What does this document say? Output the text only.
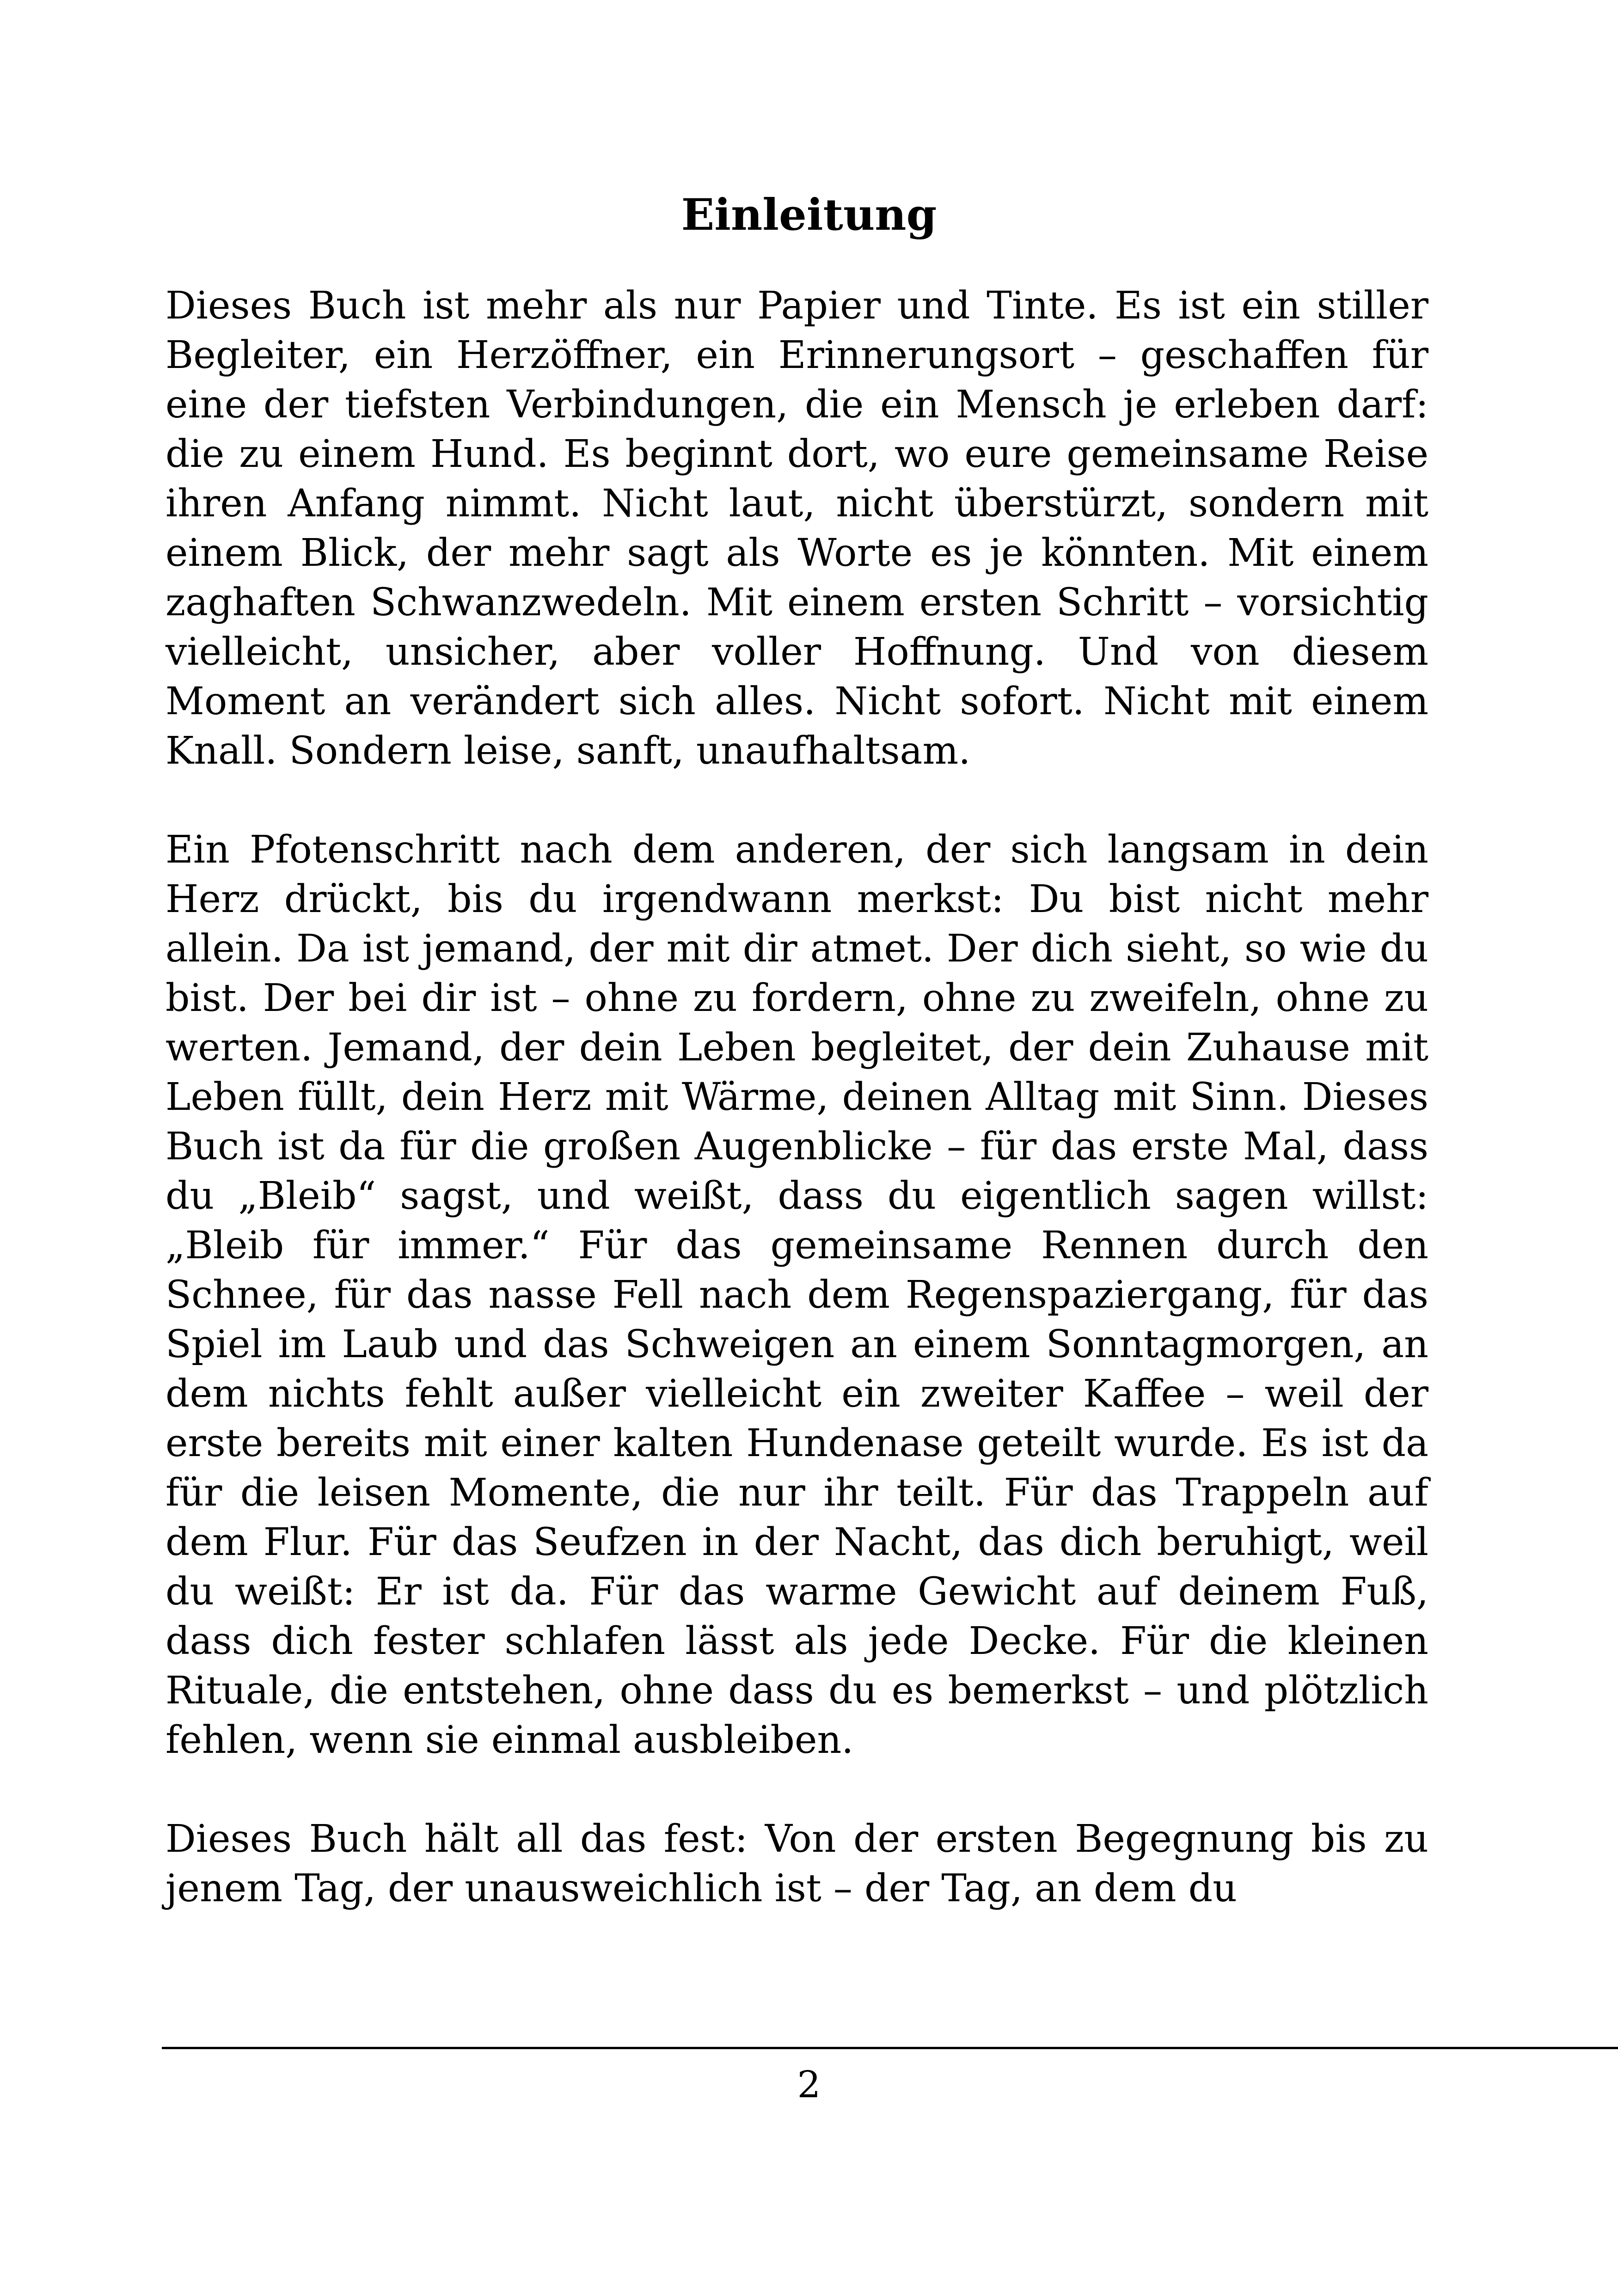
Einleitung

Dieses Buch ist mehr als nur Papier und Tinte. Es ist ein stiller Begleiter, ein Herzöffner, ein Erinnerungsort – geschaffen für eine der tiefsten Verbindungen, die ein Mensch je erleben darf: die zu einem Hund. Es beginnt dort, wo eure gemeinsame Reise ihren Anfang nimmt. Nicht laut, nicht überstürzt, sondern mit einem Blick, der mehr sagt als Worte es je könnten. Mit einem zaghaften Schwanzwedeln. Mit einem ersten Schritt – vorsichtig vielleicht, unsicher, aber voller Hoffnung. Und von diesem Moment an verändert sich alles. Nicht sofort. Nicht mit einem Knall. Sondern leise, sanft, unaufhaltsam.

Ein Pfotenschritt nach dem anderen, der sich langsam in dein Herz drückt, bis du irgendwann merkst: Du bist nicht mehr allein. Da ist jemand, der mit dir atmet. Der dich sieht, so wie du bist. Der bei dir ist – ohne zu fordern, ohne zu zweifeln, ohne zu werten. Jemand, der dein Leben begleitet, der dein Zuhause mit Leben füllt, dein Herz mit Wärme, deinen Alltag mit Sinn. Dieses Buch ist da für die großen Augenblicke – für das erste Mal, dass du „Bleib“ sagst, und weißt, dass du eigentlich sagen willst: „Bleib für immer.“ Für das gemeinsame Rennen durch den Schnee, für das nasse Fell nach dem Regenspaziergang, für das Spiel im Laub und das Schweigen an einem Sonntagmorgen, an dem nichts fehlt außer vielleicht ein zweiter Kaffee – weil der erste bereits mit einer kalten Hundenase geteilt wurde. Es ist da für die leisen Momente, die nur ihr teilt. Für das Trappeln auf dem Flur. Für das Seufzen in der Nacht, das dich beruhigt, weil du weißt: Er ist da. Für das warme Gewicht auf deinem Fuß, dass dich fester schlafen lässt als jede Decke. Für die kleinen Rituale, die entstehen, ohne dass du es bemerkst – und plötzlich fehlen, wenn sie einmal ausbleiben.

Dieses Buch hält all das fest: Von der ersten Begegnung bis zu jenem Tag, der unausweichlich ist – der Tag, an dem du

2
